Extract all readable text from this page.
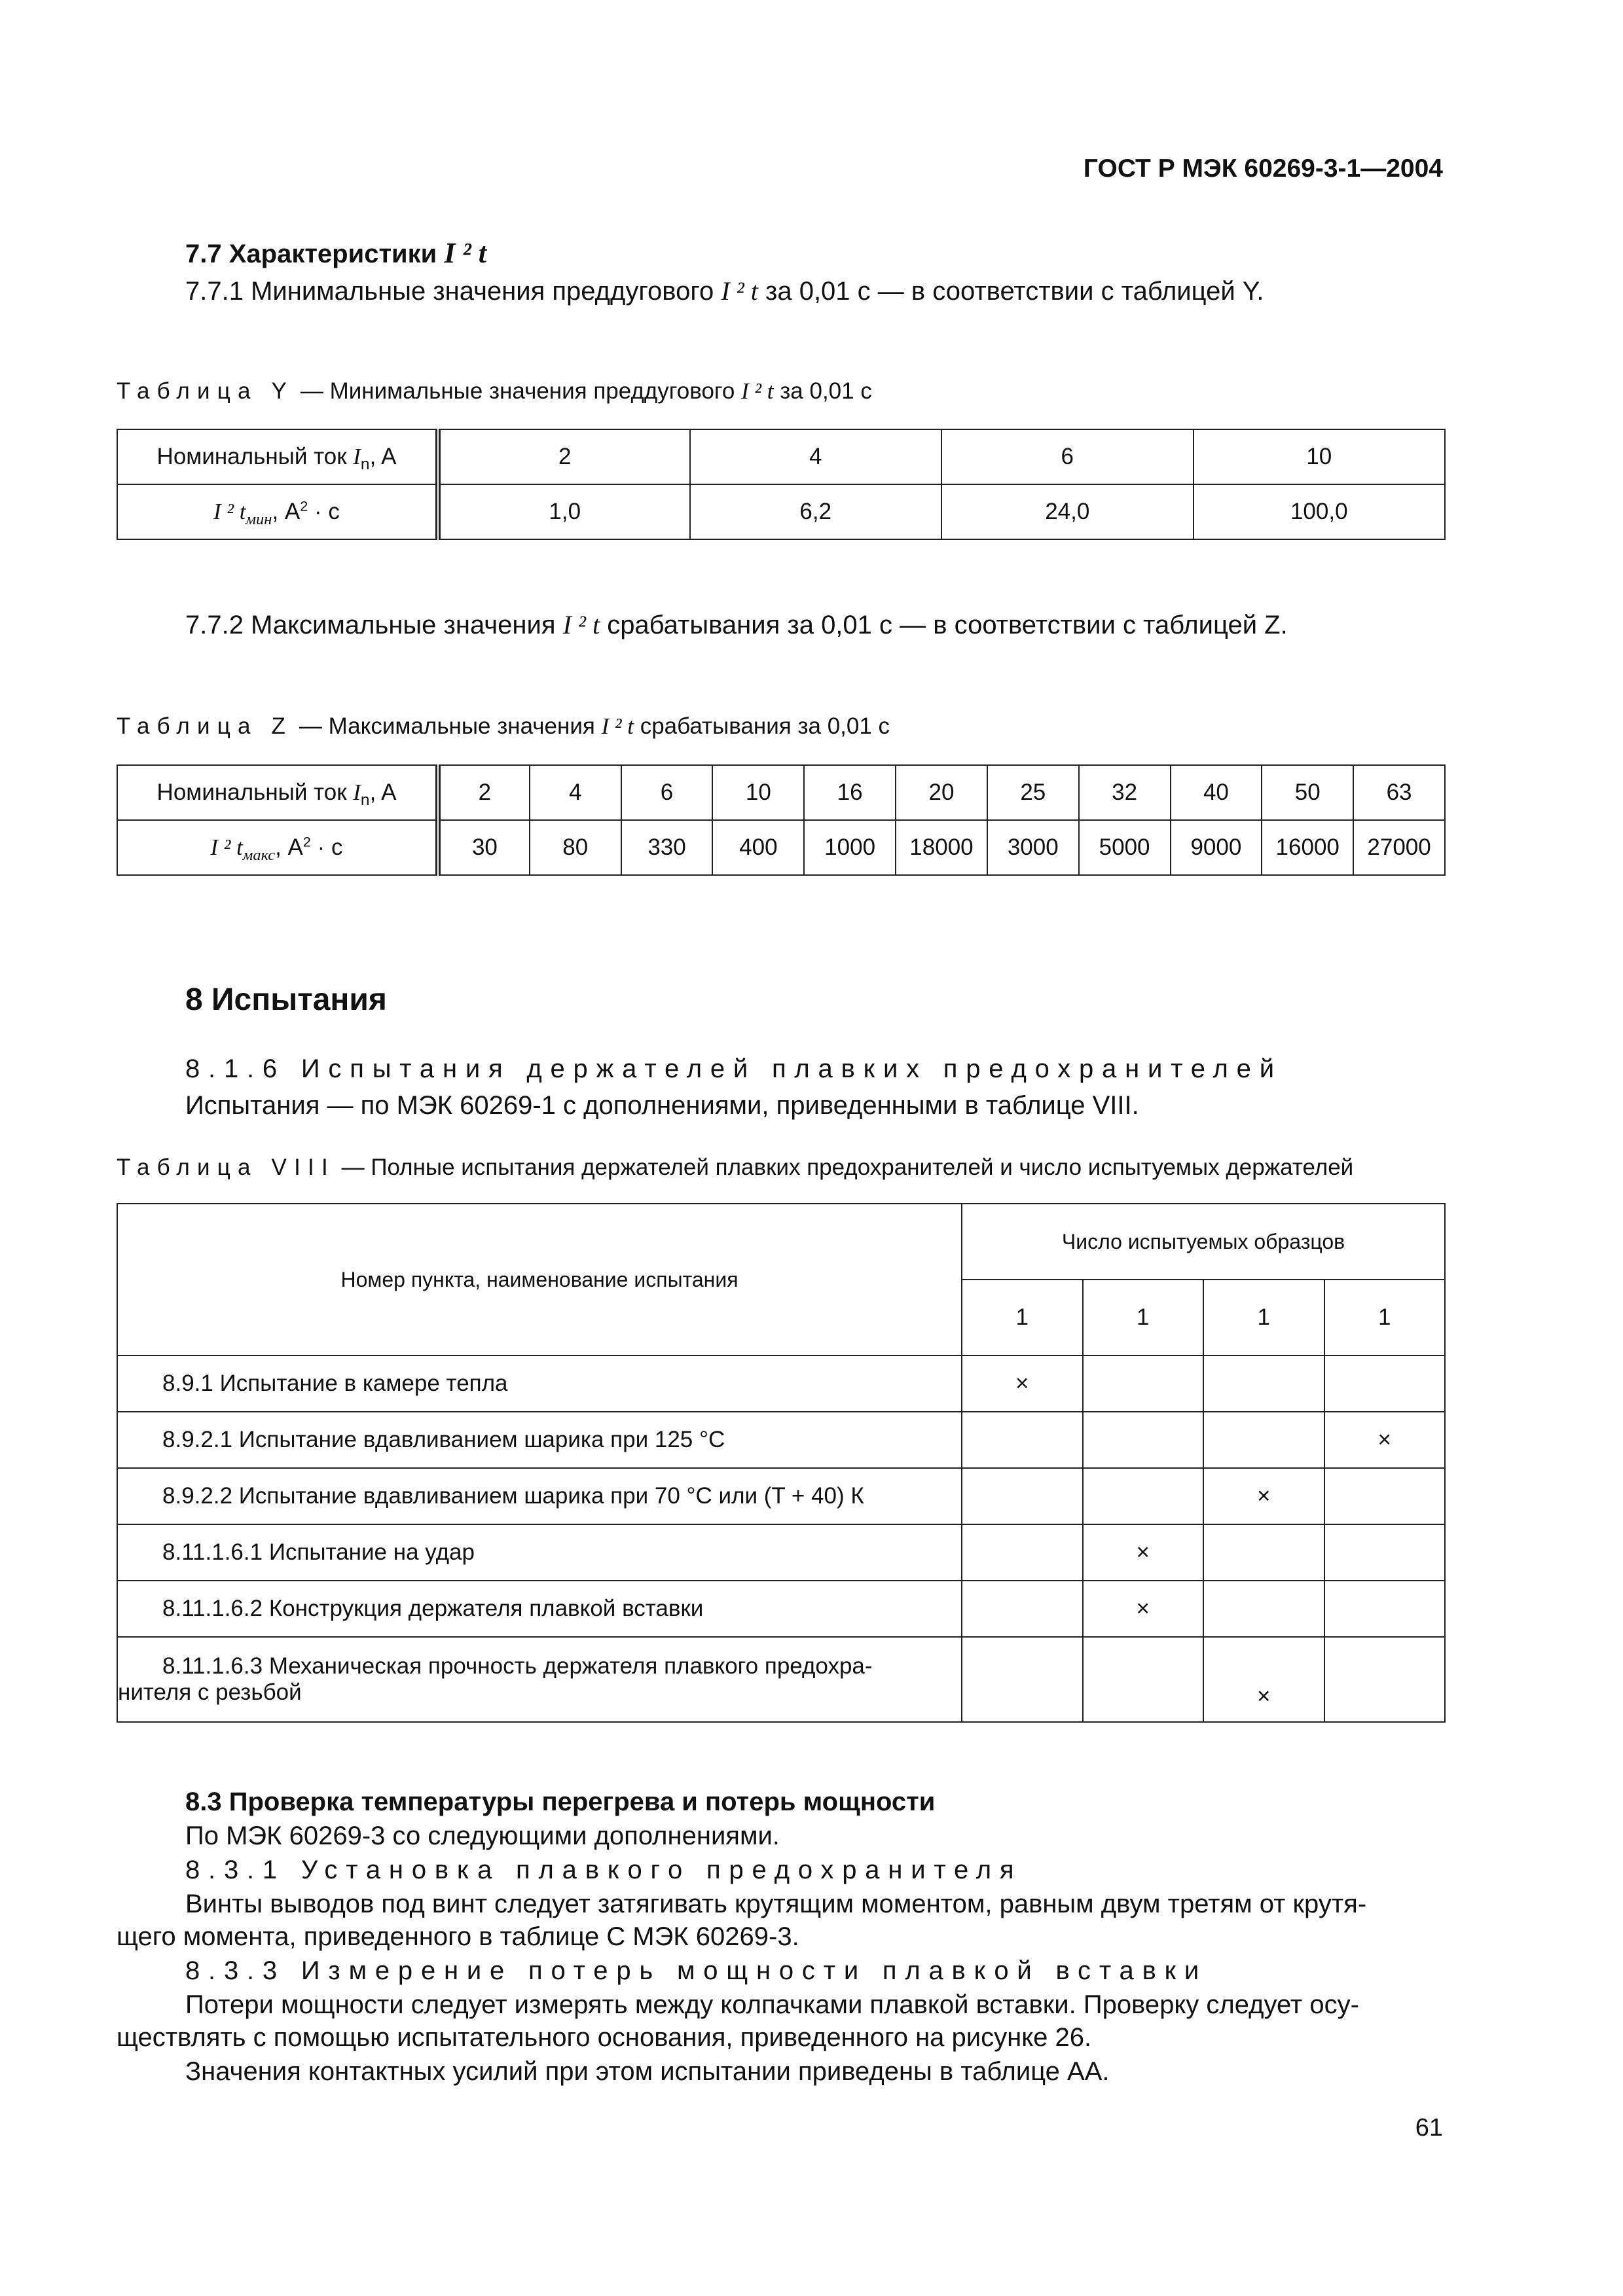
ГОСТ Р МЭК 60269-3-1—2004
7.7 Характеристики I ² t
7.7.1 Минимальные значения преддугового I ² t за 0,01 с — в соответствии с таблицей Y.
Таблица Y — Минимальные значения преддугового I ² t за 0,01 с
Номинальный ток $I_n$, A	2	4	6	10
I ² $t_{мин}$, $A^2 \cdot с$	1,0	6,2	24,0	100,0
7.7.2 Максимальные значения I ² t срабатывания за 0,01 с — в соответствии с таблицей Z.
Таблица Z — Максимальные значения I ² t срабатывания за 0,01 с
Номинальный ток $I_n$, A	2	4	6	10	16	20	25	32	40	50	63
I ² $t_{макс}$, $A^2 \cdot с$	30	80	330	400	1000	18000	3000	5000	9000	16000	27000
8 Испытания
8.1.6 Испытания держателей плавких предохранителей
Испытания — по МЭК 60269-1 с дополнениями, приведенными в таблице VIII.
Таблица VIII — Полные испытания держателей плавких предохранителей и число испытуемых держателей
Номер пункта, наименование испытания	Число испытуемых образцов			
	1	1	1	1
8.9.1 Испытание в камере тепла	×			
8.9.2.1 Испытание вдавливанием шарика при 125 °С				×
8.9.2.2 Испытание вдавливанием шарика при 70 °С или (T + 40) К			×	
8.11.1.6.1 Испытание на удар		×		
8.11.1.6.2 Конструкция держателя плавкой вставки		×		

8.11.1.6.3 Механическая прочность держателя плавкого предохра-
нителя с резьбой			×	
8.3 Проверка температуры перегрева и потерь мощности
По МЭК 60269-3 со следующими дополнениями.
8.3.1 Установка плавкого предохранителя
Винты выводов под винт следует затягивать крутящим моментом, равным двум третям от крутя-
щего момента, приведенного в таблице С МЭК 60269-3.
8.3.3 Измерение потерь мощности плавкой вставки
Потери мощности следует измерять между колпачками плавкой вставки. Проверку следует осу-
ществлять с помощью испытательного основания, приведенного на рисунке 26.
Значения контактных усилий при этом испытании приведены в таблице АА.
61
